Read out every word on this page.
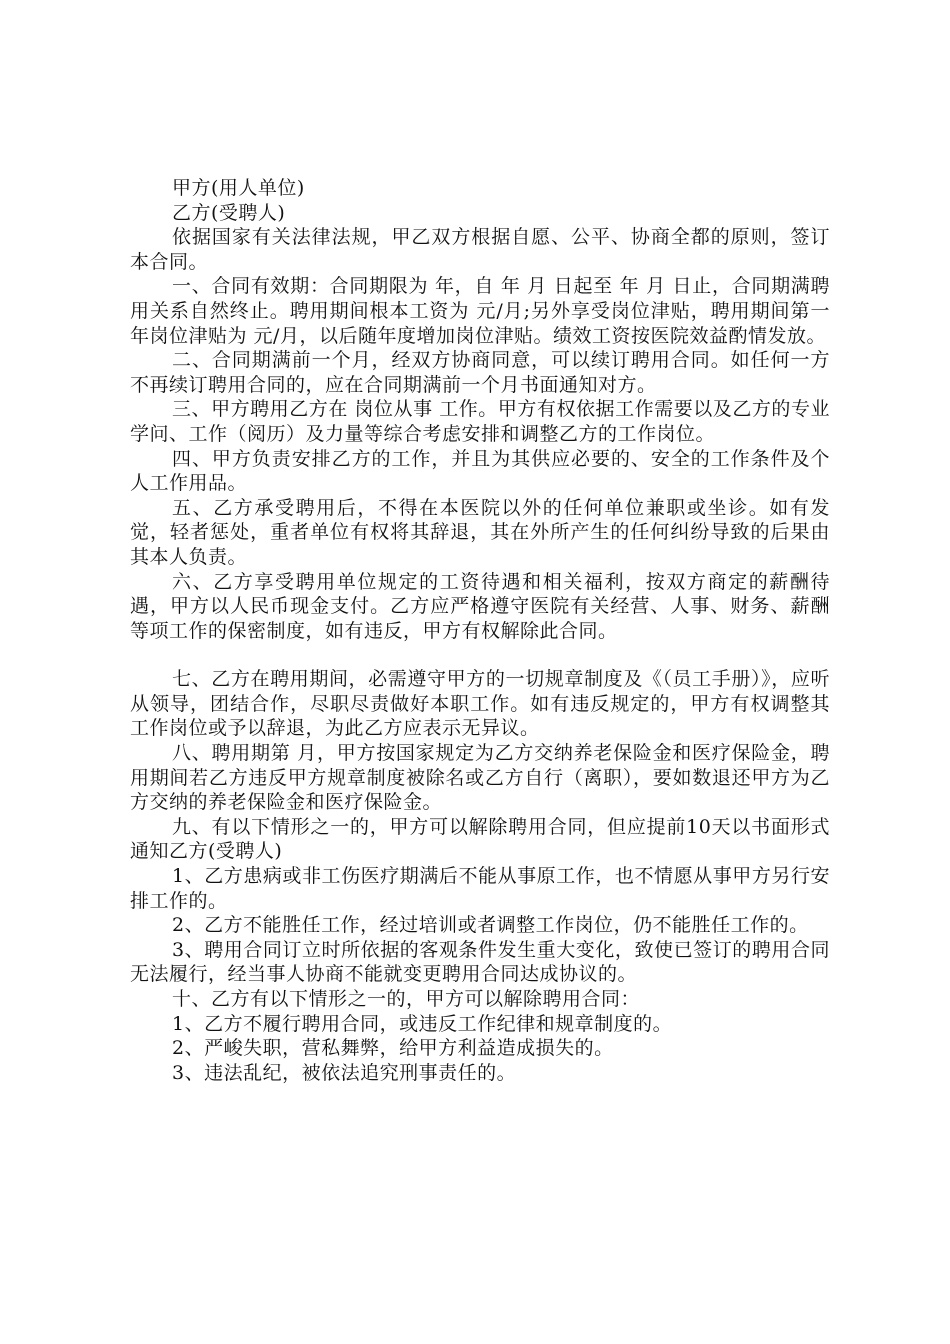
甲方(用人单位)

乙方(受聘人)

依据国家有关法律法规，甲乙双方根据自愿、公平、协商全都的原则，签订本合同。

一、合同有效期：合同期限为 年，自 年 月 日起至 年 月 日止，合同期满聘用关系自然终止。聘用期间根本工资为 元/月;另外享受岗位津贴，聘用期间第一年岗位津贴为 元/月，以后随年度增加岗位津贴。绩效工资按医院效益酌情发放。

二、合同期满前一个月，经双方协商同意，可以续订聘用合同。如任何一方不再续订聘用合同的，应在合同期满前一个月书面通知对方。

三、甲方聘用乙方在 岗位从事 工作。甲方有权依据工作需要以及乙方的专业学问、工作（阅历）及力量等综合考虑安排和调整乙方的工作岗位。

四、甲方负责安排乙方的工作，并且为其供应必要的、安全的工作条件及个人工作用品。

五、乙方承受聘用后，不得在本医院以外的任何单位兼职或坐诊。如有发觉，轻者惩处，重者单位有权将其辞退，其在外所产生的任何纠纷导致的后果由其本人负责。

六、乙方享受聘用单位规定的工资待遇和相关福利，按双方商定的薪酬待遇，甲方以人民币现金支付。乙方应严格遵守医院有关经营、人事、财务、薪酬等项工作的保密制度，如有违反，甲方有权解除此合同。

七、乙方在聘用期间，必需遵守甲方的一切规章制度及《（员工手册）》，应听从领导，团结合作，尽职尽责做好本职工作。如有违反规定的，甲方有权调整其工作岗位或予以辞退，为此乙方应表示无异议。

八、聘用期第 月，甲方按国家规定为乙方交纳养老保险金和医疗保险金，聘用期间若乙方违反甲方规章制度被除名或乙方自行（离职），要如数退还甲方为乙方交纳的养老保险金和医疗保险金。

九、有以下情形之一的，甲方可以解除聘用合同，但应提前10天以书面形式通知乙方(受聘人)

1、乙方患病或非工伤医疗期满后不能从事原工作，也不情愿从事甲方另行安排工作的。

2、乙方不能胜任工作，经过培训或者调整工作岗位，仍不能胜任工作的。

3、聘用合同订立时所依据的客观条件发生重大变化，致使已签订的聘用合同无法履行，经当事人协商不能就变更聘用合同达成协议的。

十、乙方有以下情形之一的，甲方可以解除聘用合同：

1、乙方不履行聘用合同，或违反工作纪律和规章制度的。

2、严峻失职，营私舞弊，给甲方利益造成损失的。

3、违法乱纪，被依法追究刑事责任的。
